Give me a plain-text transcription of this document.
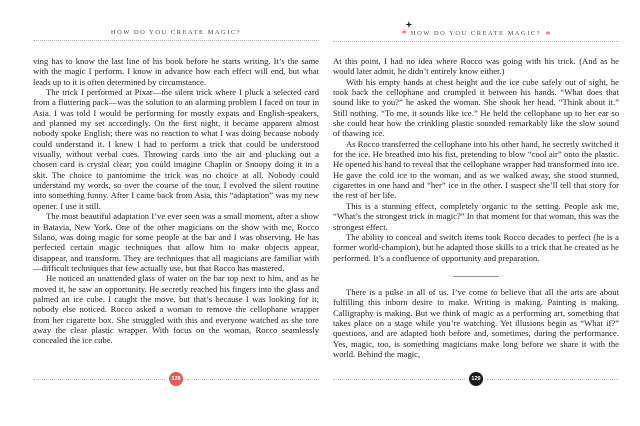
HOW DO YOU CREATE MAGIC?

ving has to know the last line of his book before he starts writing. It’s the same with the magic I perform. I know in advance how each effect will end, but what leads up to it is often determined by circumstance.

The trick I performed at Pixar—the silent trick where I pluck a selected card from a fluttering pack—was the solution to an alarming problem I faced on tour in Asia. I was told I would be performing for mostly expats and English-speakers, and planned my set accordingly. On the first night, it became apparent almost nobody spoke English; there was no reaction to what I was doing because nobody could understand it. I knew I had to perform a trick that could be understood visually, without verbal cues. Throwing cards into the air and plucking out a chosen card is crystal clear; you could imagine Chaplin or Snoopy doing it in a skit. The choice to pantomime the trick was no choice at all. Nobody could understand my words, so over the course of the tour, I evolved the silent routine into something funny. After I came back from Asia, this “adaptation” was my new opener. I use it still.

The most beautiful adaptation I’ve ever seen was a small moment, after a show in Batavia, New York. One of the other magicians on the show with me, Rocco Silano, was doing magic for some people at the bar and I was observing. He has perfected certain magic techniques that allow him to make objects appear, disappear, and transform. They are techniques that all magicians are familiar with—difficult techniques that few actually use, but that Rocco has mastered.

He noticed an unattended glass of water on the bar top next to him, and as he moved it, he saw an opportunity. He secretly reached his fingers into the glass and palmed an ice cube. I caught the move, but that’s because I was looking for it; nobody else noticed. Rocco asked a woman to remove the cellophane wrapper from her cigarette box. She struggled with this and everyone watched as she tore away the clear plastic wrapper. With focus on the woman, Rocco seamlessly concealed the ice cube.

128
* HOW DO YOU CREATE MAGIC? *

At this point, I had no idea where Rocco was going with his trick. (And as he would later admit, he didn’t entirely know either.)

With his empty hands at chest height and the ice cube safely out of sight, he took back the cellophane and crumpled it between his hands. “What does that sound like to you?” he asked the woman. She shook her head. “Think about it.” Still nothing. “To me, it sounds like ice.” He held the cellophane up to her ear so she could hear how the crinkling plastic sounded remarkably like the slow sound of thawing ice.

As Rocco transferred the cellophane into his other hand, he secretly switched it for the ice. He breathed into his fist, pretending to blow “cool air” onto the plastic. He opened his hand to reveal that the cellophane wrapper had transformed into ice. He gave the cold ice to the woman, and as we walked away, she stood stunned, cigarettes in one hand and “her” ice in the other. I suspect she’ll tell that story for the rest of her life.

This is a stunning effect, completely organic to the setting. People ask me, “What’s the strongest trick in magic?” In that moment for that woman, this was the strongest effect.

The ability to conceal and switch items took Rocco decades to perfect (he is a former world-champion), but he adapted those skills to a trick that he created as he performed. It’s a confluence of opportunity and preparation.

There is a pulse in all of us. I’ve come to believe that all the arts are about fulfilling this inborn desire to make. Writing is making. Painting is making. Calligraphy is making. But we think of magic as a performing art, something that takes place on a stage while you’re watching. Yet illusions begin as “What if?” questions, and are adapted both before and, sometimes, during the performance. Yes, magic, too, is something magicians make long before we share it with the world. Behind the magic,

129
